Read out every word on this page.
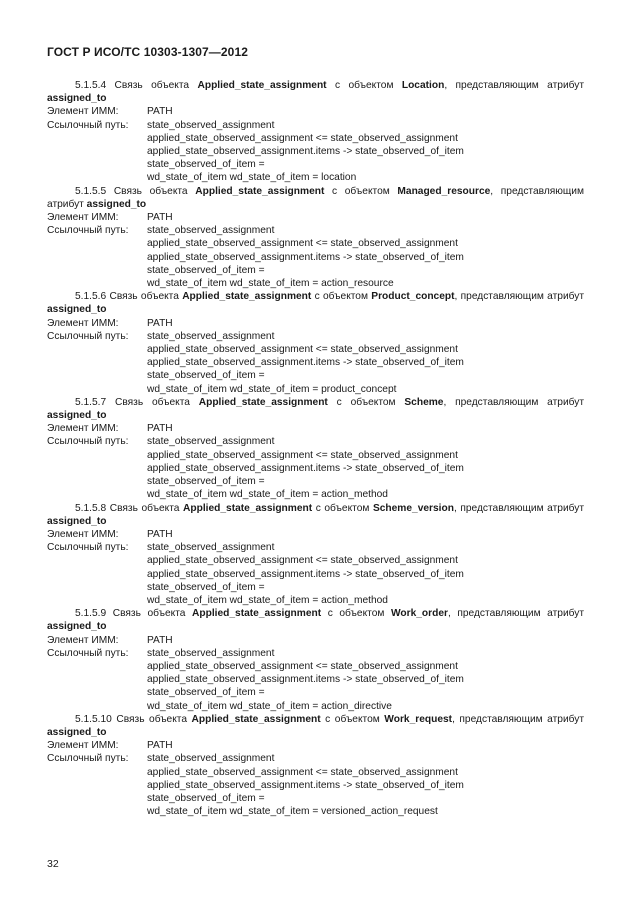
ГОСТ Р ИСО/ТС 10303-1307—2012
5.1.5.4 Связь объекта Applied_state_assignment с объектом Location, представляющим атрибут assigned_to
Элемент ИММ:	PATH
Ссылочный путь:	state_observed_assignment
applied_state_observed_assignment <= state_observed_assignment
applied_state_observed_assignment.items -> state_observed_of_item
state_observed_of_item =
wd_state_of_item wd_state_of_item = location
5.1.5.5 Связь объекта Applied_state_assignment с объектом Managed_resource, представляющим атрибут assigned_to
Элемент ИММ:	PATH
Ссылочный путь:	state_observed_assignment
applied_state_observed_assignment <= state_observed_assignment
applied_state_observed_assignment.items -> state_observed_of_item
state_observed_of_item =
wd_state_of_item wd_state_of_item = action_resource
5.1.5.6 Связь объекта Applied_state_assignment с объектом Product_concept, представляющим атрибут assigned_to
Элемент ИММ:	PATH
Ссылочный путь:	state_observed_assignment
applied_state_observed_assignment <= state_observed_assignment
applied_state_observed_assignment.items -> state_observed_of_item
state_observed_of_item =
wd_state_of_item wd_state_of_item = product_concept
5.1.5.7 Связь объекта Applied_state_assignment с объектом Scheme, представляющим атрибут assigned_to
Элемент ИММ:	PATH
Ссылочный путь:	state_observed_assignment
applied_state_observed_assignment <= state_observed_assignment
applied_state_observed_assignment.items -> state_observed_of_item
state_observed_of_item =
wd_state_of_item wd_state_of_item = action_method
5.1.5.8 Связь объекта Applied_state_assignment с объектом Scheme_version, представляющим атрибут assigned_to
Элемент ИММ:	PATH
Ссылочный путь:	state_observed_assignment
applied_state_observed_assignment <= state_observed_assignment
applied_state_observed_assignment.items -> state_observed_of_item
state_observed_of_item =
wd_state_of_item wd_state_of_item = action_method
5.1.5.9 Связь объекта Applied_state_assignment с объектом Work_order, представляющим атрибут assigned_to
Элемент ИММ:	PATH
Ссылочный путь:	state_observed_assignment
applied_state_observed_assignment <= state_observed_assignment
applied_state_observed_assignment.items -> state_observed_of_item
state_observed_of_item =
wd_state_of_item wd_state_of_item = action_directive
5.1.5.10 Связь объекта Applied_state_assignment с объектом Work_request, представляющим атрибут assigned_to
Элемент ИММ:	PATH
Ссылочный путь:	state_observed_assignment
applied_state_observed_assignment <= state_observed_assignment
applied_state_observed_assignment.items -> state_observed_of_item
state_observed_of_item =
wd_state_of_item wd_state_of_item = versioned_action_request
32
